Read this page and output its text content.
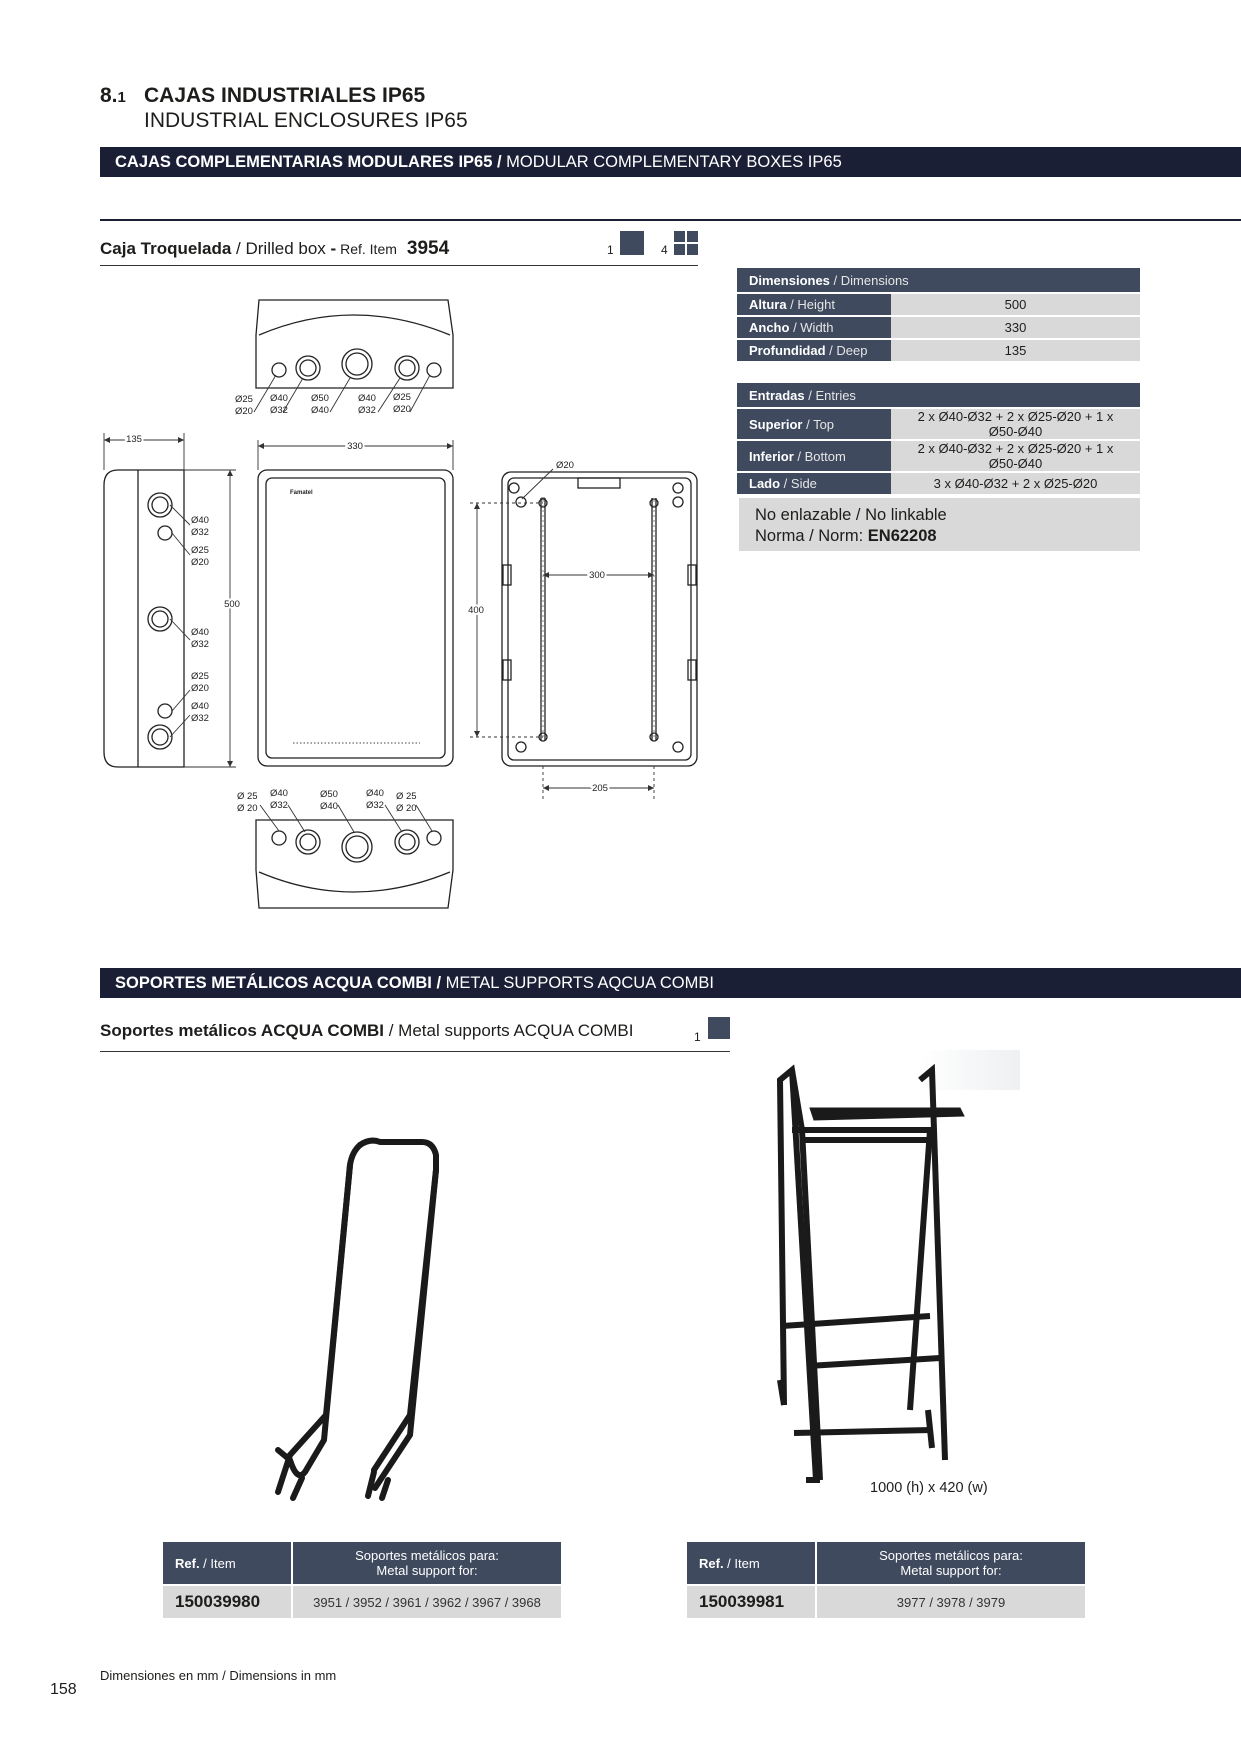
8.1 CAJAS INDUSTRIALES IP65
INDUSTRIAL ENCLOSURES IP65
CAJAS COMPLEMENTARIAS MODULARES IP65 / MODULAR COMPLEMENTARY BOXES IP65
Caja Troquelada / Drilled box - Ref. Item 3954	1	4
135
330
500
400
300
205
Ø20
Famatel
Ø25
Ø20
Ø40
Ø32
Ø50
Ø40
Ø40
Ø32
Ø25
Ø20
Ø40
Ø32
Ø25
Ø20
Ø40
Ø32
Ø25
Ø20
Ø40
Ø32
Ø 25
Ø 20
Ø40
Ø32
Ø50
Ø40
Ø40
Ø32
Ø 25
Ø 20
Dimensiones / Dimensions	
Altura / Height	500
Ancho / Width	330
Profundidad / Deep	135
Entradas / Entries	
Superior / Top	2 x Ø40-Ø32 + 2 x Ø25-Ø20 + 1 x Ø50-Ø40
Inferior / Bottom	2 x Ø40-Ø32 + 2 x Ø25-Ø20 + 1 x Ø50-Ø40
Lado / Side	3 x Ø40-Ø32 + 2 x Ø25-Ø20
No enlazable / No linkable
Norma / Norm: EN62208
SOPORTES METÁLICOS ACQUA COMBI / METAL SUPPORTS AQCUA COMBI
Soportes metálicos ACQUA COMBI / Metal supports ACQUA COMBI	1
1000 (h) x 420 (w)
Ref. / Item	Soportes metálicos para:
Metal support for:

150039980	3951 / 3952 / 3961 / 3962 / 3967 / 3968
Ref. / Item	Soportes metálicos para:
Metal support for:

150039981	3977 / 3978 / 3979
Dimensiones en mm / Dimensions in mm
158
